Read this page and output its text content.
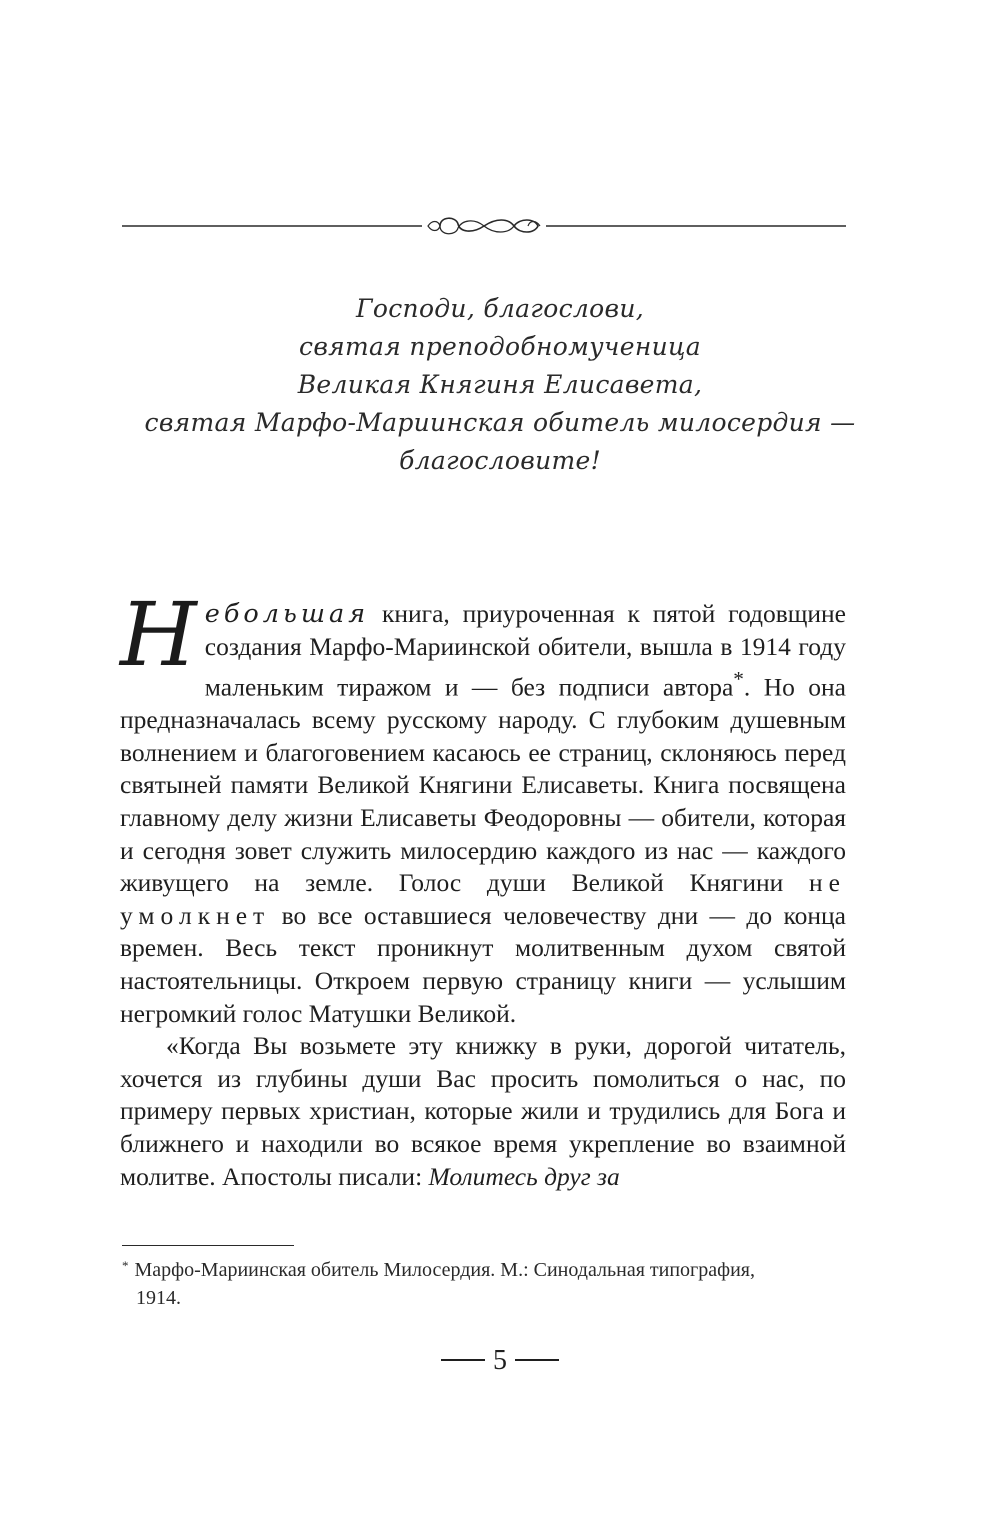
Господи, благослови,
святая преподобномученица
Великая Княгиня Елисавета,
святая Марфо-Мариинская обитель милосердия —
благословите!

Небольшая книга, приуроченная к пятой годовщине создания Марфо-Мариинской обители, вышла в 1914 году маленьким тиражом и — без подписи автора*. Но она предназначалась всему русскому народу. С глубоким душевным волнением и благоговением касаюсь ее страниц, склоняюсь перед святыней памяти Великой Княгини Елисаветы. Книга посвящена главному делу жизни Елисаветы Феодоровны — обители, которая и сегодня зовет служить милосердию каждого из нас — каждого живущего на земле. Голос души Великой Княгини не умолкнет во все оставшиеся человечеству дни — до конца времен. Весь текст проникнут молитвенным духом святой настоятельницы. Откроем первую страницу книги — услышим негромкий голос Матушки Великой.

«Когда Вы возьмете эту книжку в руки, дорогой читатель, хочется из глубины души Вас просить помолиться о нас, по примеру первых христиан, которые жили и трудились для Бога и ближнего и находили во всякое время укрепление во взаимной молитве. Апостолы писали: Молитесь друг за

* Марфо-Мариинская обитель Милосердия. М.: Синодальная типография,
1914.
5
